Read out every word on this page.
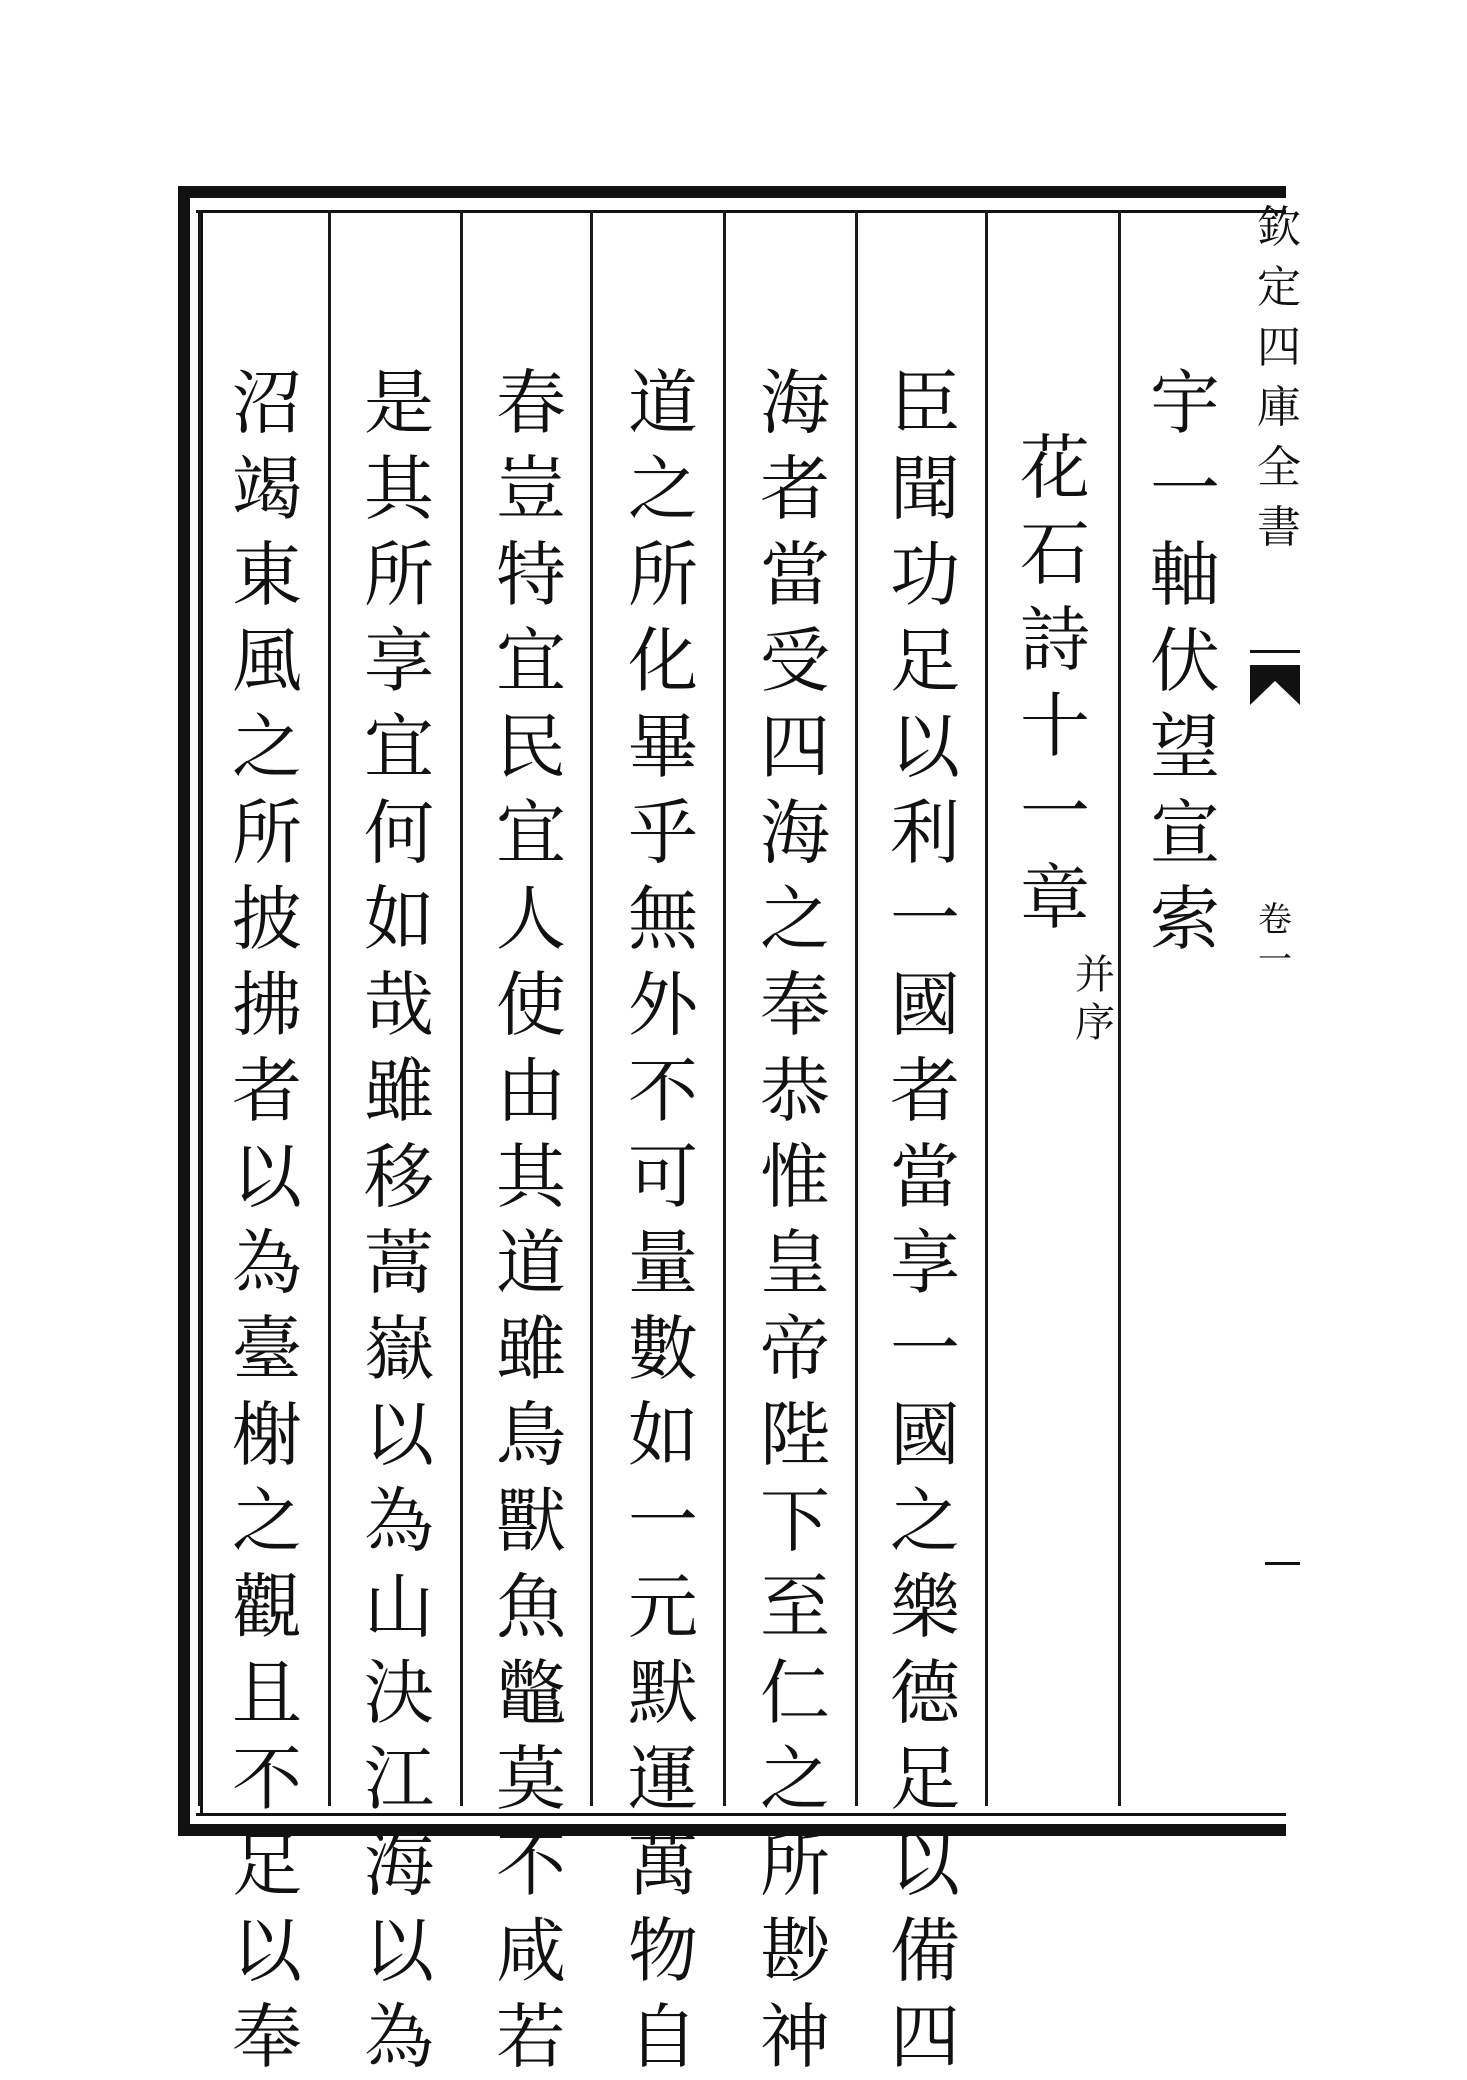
欽
定
四
庫
全
書
卷
一
宇
一
軸
伏
望
宣
索
花
石
詩
十
一
章
并
序
臣
聞
功
足
以
利
一
國
者
當
享
一
國
之
樂
德
足
以
備
四
海
者
當
受
四
海
之
奉
恭
惟
皇
帝
陛
下
至
仁
之
所
尠
神
道
之
所
化
畢
乎
無
外
不
可
量
數
如
一
元
默
運
萬
物
自
春
豈
特
宜
民
宜
人
使
由
其
道
雖
鳥
獸
魚
鼈
莫
不
咸
若
是
其
所
享
宜
何
如
哉
雖
移
蒿
嶽
以
為
山
決
江
海
以
為
沼
竭
東
風
之
所
披
拂
者
以
為
臺
榭
之
觀
且
不
足
以
奉
